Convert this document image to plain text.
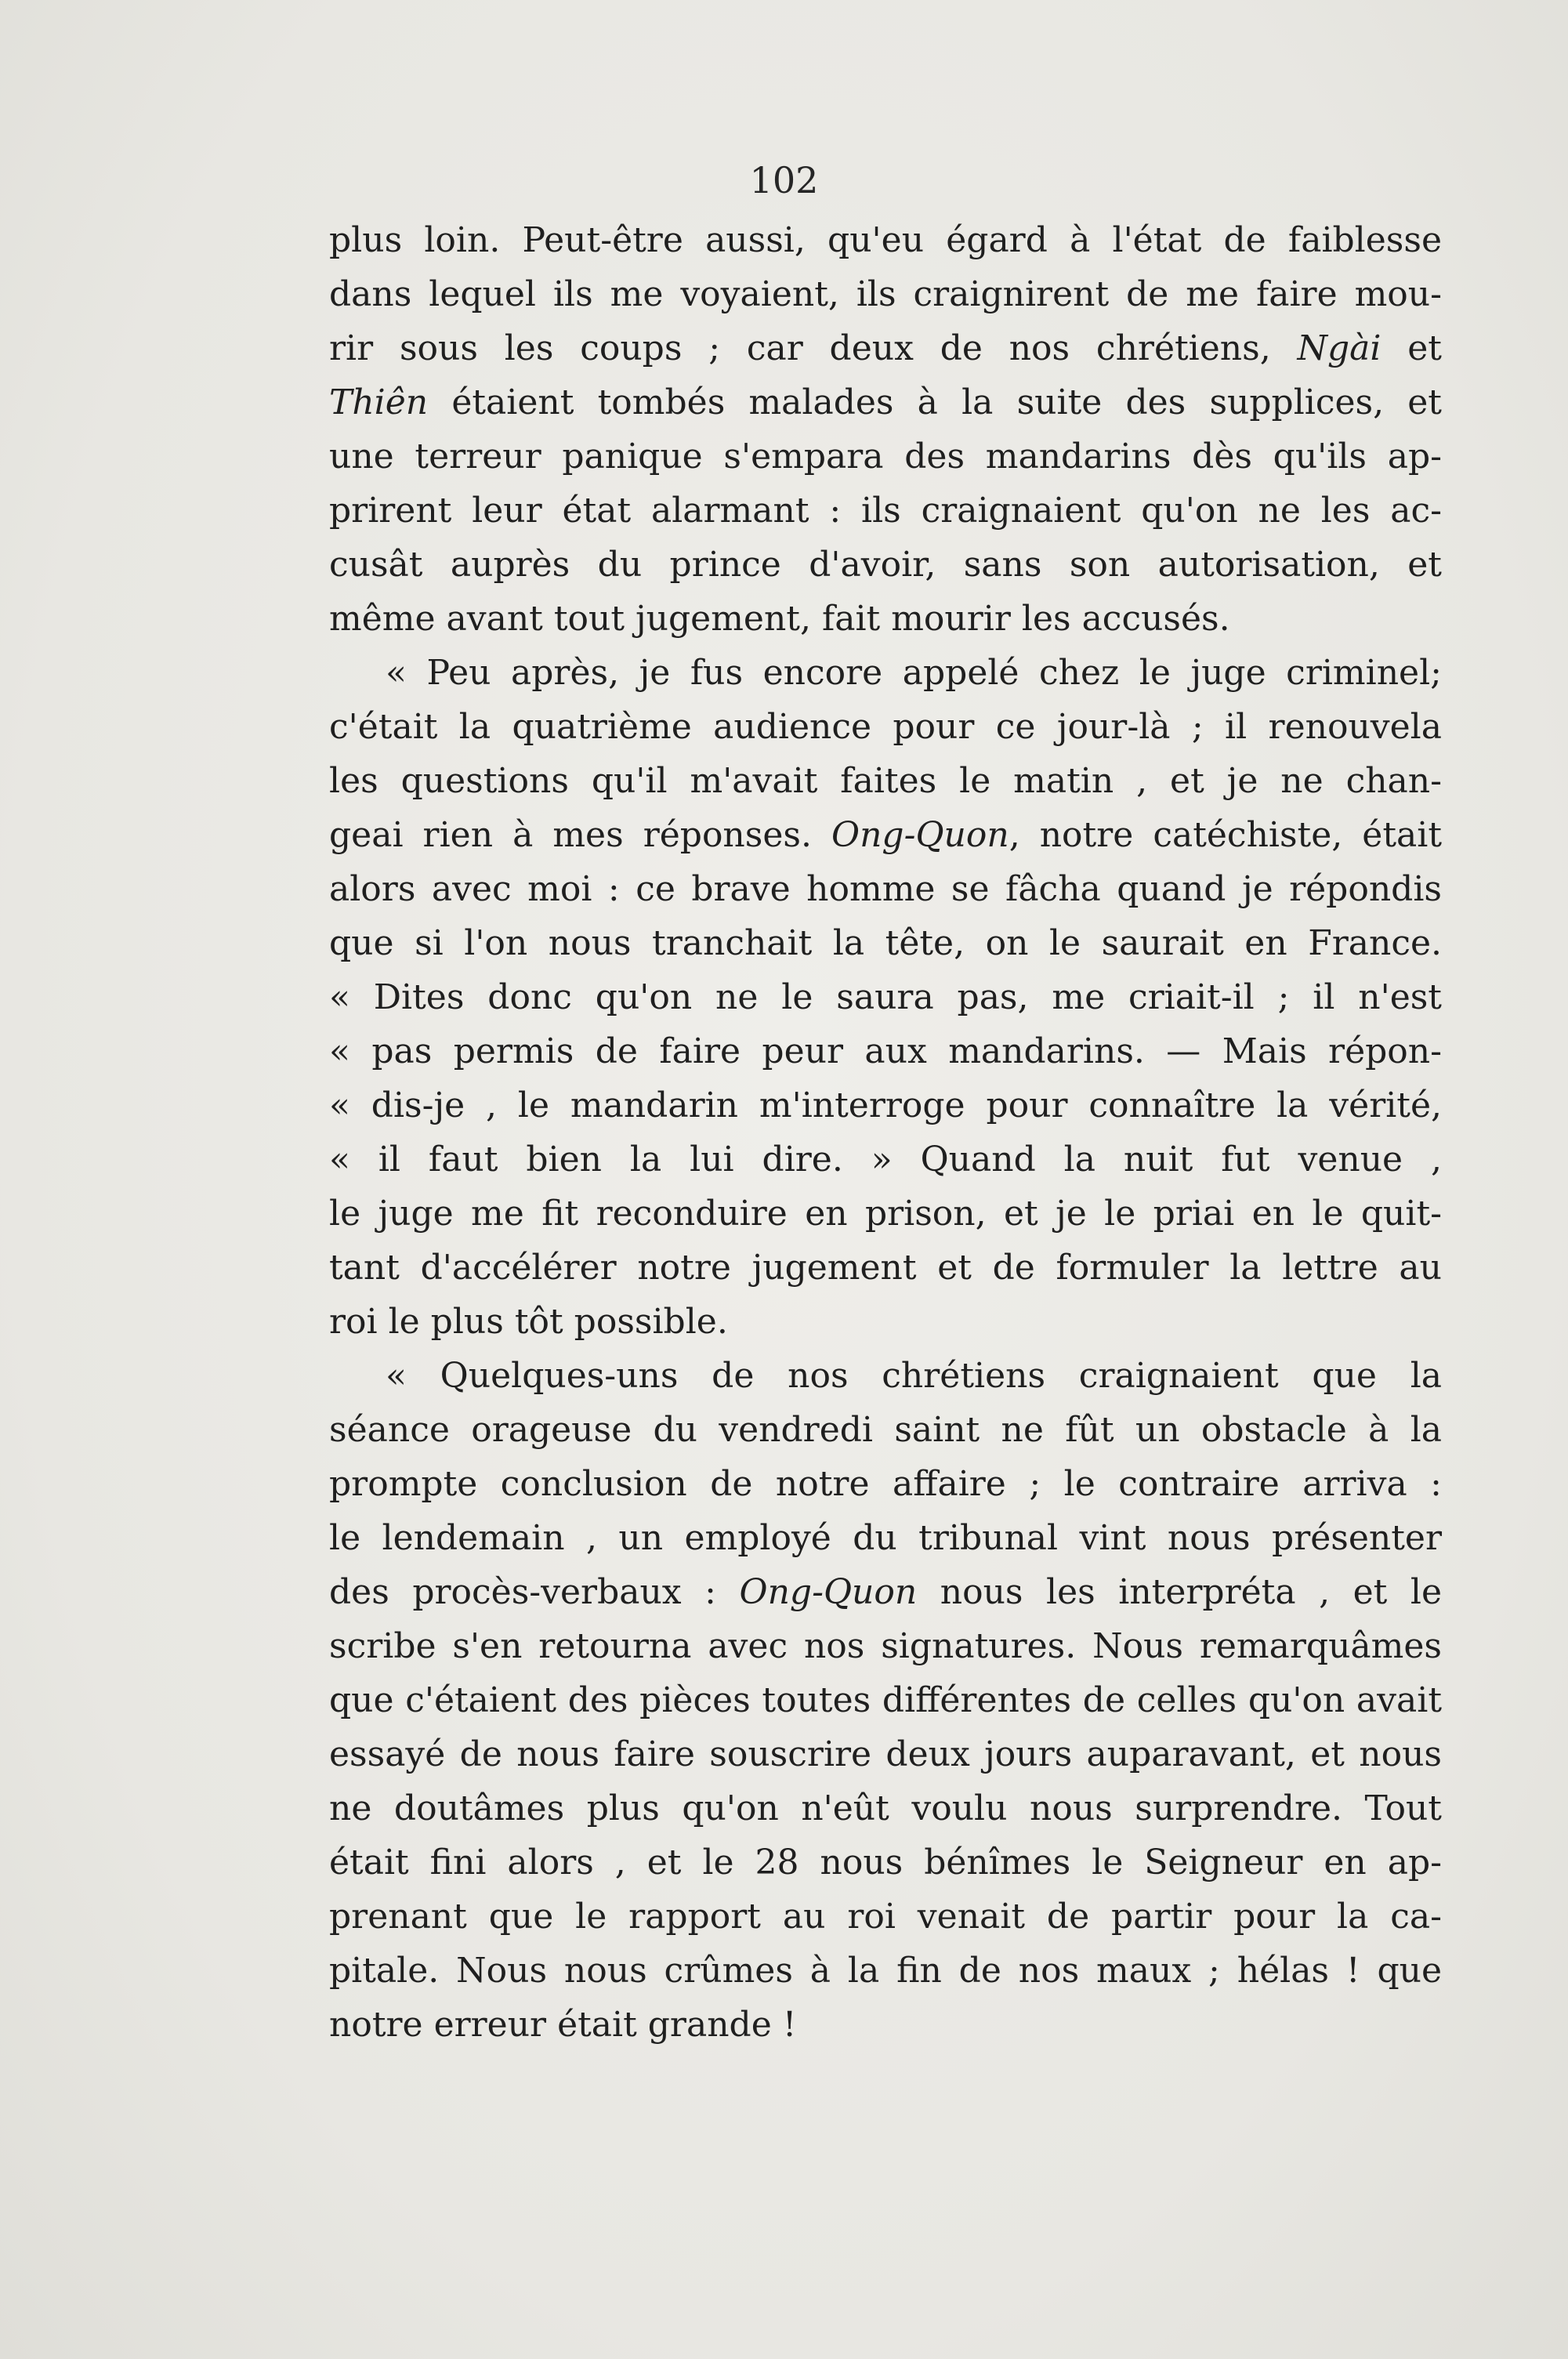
102
plus loin. Peut-être aussi, qu'eu égard à l'état de faiblesse
dans lequel ils me voyaient, ils craignirent de me faire mou-
rir sous les coups ; car deux de nos chrétiens, Ngài et
Thiên étaient tombés malades à la suite des supplices, et
une terreur panique s'empara des mandarins dès qu'ils ap-
prirent leur état alarmant : ils craignaient qu'on ne les ac-
cusât auprès du prince d'avoir, sans son autorisation, et
même avant tout jugement, fait mourir les accusés.
« Peu après, je fus encore appelé chez le juge criminel;
c'était la quatrième audience pour ce jour-là ; il renouvela
les questions qu'il m'avait faites le matin , et je ne chan-
geai rien à mes réponses. Ong-Quon, notre catéchiste, était
alors avec moi : ce brave homme se fâcha quand je répondis
que si l'on nous tranchait la tête, on le saurait en France.
« Dites donc qu'on ne le saura pas, me criait-il ; il n'est
« pas permis de faire peur aux mandarins. — Mais répon-
« dis-je , le mandarin m'interroge pour connaître la vérité,
« il faut bien la lui dire. » Quand la nuit fut venue ,
le juge me fit reconduire en prison, et je le priai en le quit-
tant d'accélérer notre jugement et de formuler la lettre au
roi le plus tôt possible.
« Quelques-uns de nos chrétiens craignaient que la
séance orageuse du vendredi saint ne fût un obstacle à la
prompte conclusion de notre affaire ; le contraire arriva :
le lendemain , un employé du tribunal vint nous présenter
des procès-verbaux : Ong-Quon nous les interpréta , et le
scribe s'en retourna avec nos signatures. Nous remarquâmes
que c'étaient des pièces toutes différentes de celles qu'on avait
essayé de nous faire souscrire deux jours auparavant, et nous
ne doutâmes plus qu'on n'eût voulu nous surprendre. Tout
était fini alors , et le 28 nous bénîmes le Seigneur en ap-
prenant que le rapport au roi venait de partir pour la ca-
pitale. Nous nous crûmes à la fin de nos maux ; hélas ! que
notre erreur était grande !
